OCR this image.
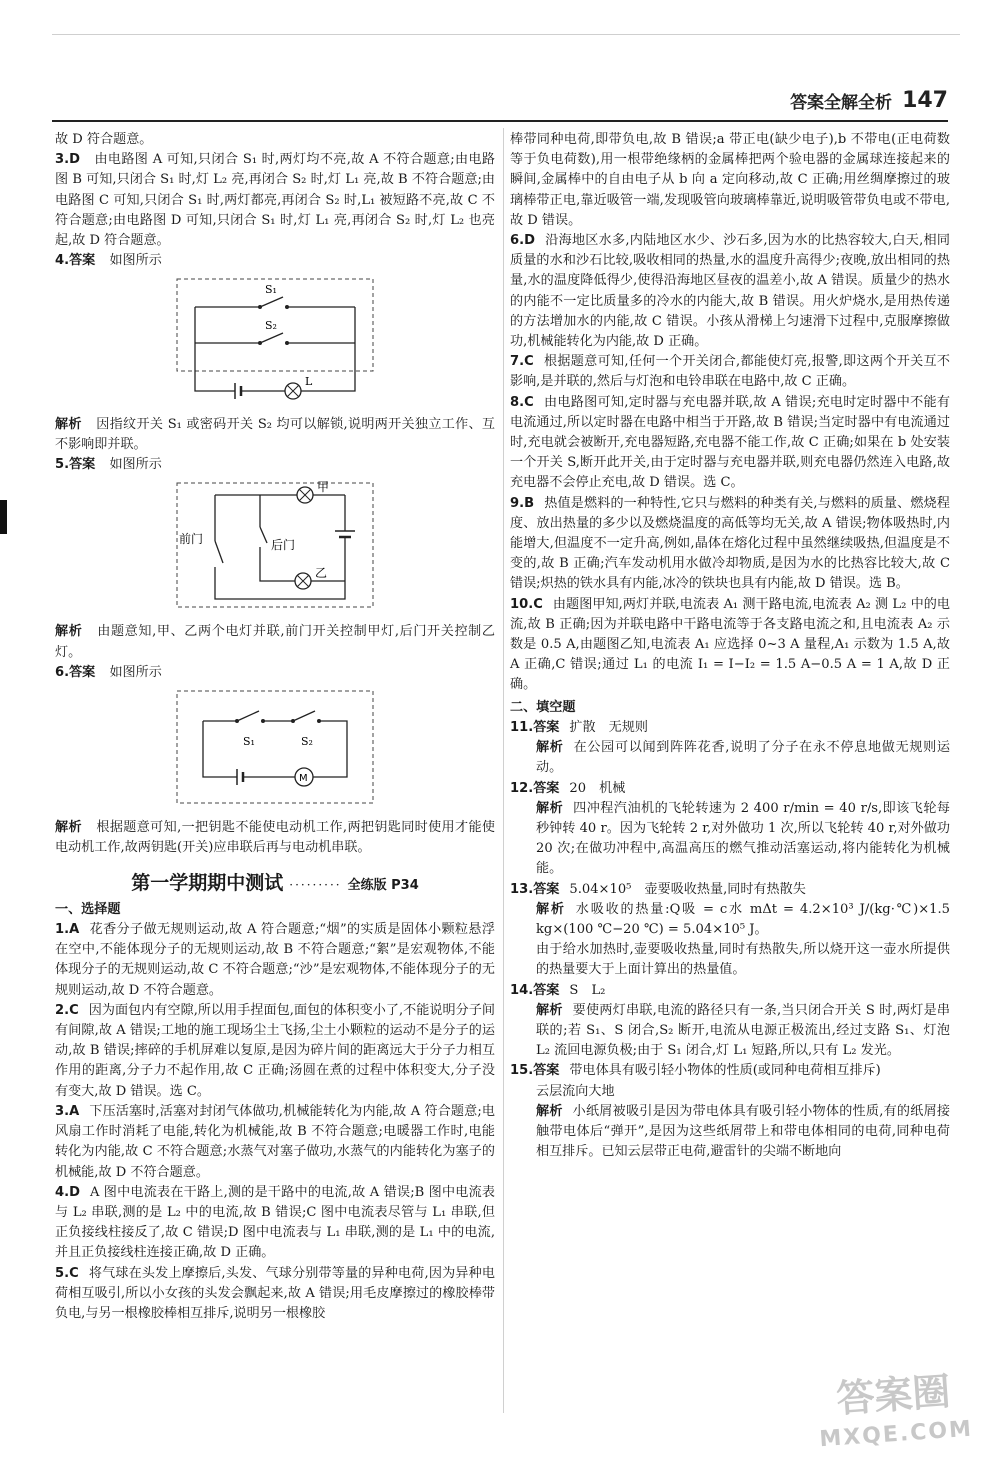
答案全解全析 147

故 D 符合题意。

3.D 由电路图 A 可知,只闭合 S₁ 时,两灯均不亮,故 A 不符合题意;由电路图 B 可知,只闭合 S₁ 时,灯 L₂ 亮,再闭合 S₂ 时,灯 L₁ 亮,故 B 不符合题意;由电路图 C 可知,只闭合 S₁ 时,两灯都亮,再闭合 S₂ 时,L₁ 被短路不亮,故 C 不符合题意;由电路图 D 可知,只闭合 S₁ 时,灯 L₁ 亮,再闭合 S₂ 时,灯 L₂ 也亮起,故 D 符合题意。

4.答案 如图所示

S₁
S₂
L

解析 因指纹开关 S₁ 或密码开关 S₂ 均可以解锁,说明两开关独立工作、互不影响即并联。

5.答案 如图所示

前门	后门
甲
乙

解析 由题意知,甲、乙两个电灯并联,前门开关控制甲灯,后门开关控制乙灯。

6.答案 如图所示

M
S₁	S₂

解析 根据题意可知,一把钥匙不能使电动机工作,两把钥匙同时使用才能使电动机工作,故两钥匙(开关)应串联后再与电动机串联。

第一学期期中测试 ········· 全练版 P34

一、选择题

1.A 花香分子做无规则运动,故 A 符合题意;“烟”的实质是固体小颗粒悬浮在空中,不能体现分子的无规则运动,故 B 不符合题意;“絮”是宏观物体,不能体现分子的无规则运动,故 C 不符合题意;“沙”是宏观物体,不能体现分子的无规则运动,故 D 不符合题意。

2.C 因为面包内有空隙,所以用手捏面包,面包的体积变小了,不能说明分子间有间隙,故 A 错误;工地的施工现场尘土飞扬,尘土小颗粒的运动不是分子的运动,故 B 错误;摔碎的手机屏难以复原,是因为碎片间的距离远大于分子力相互作用的距离,分子力不起作用,故 C 正确;汤圆在煮的过程中体积变大,分子没有变大,故 D 错误。选 C。

3.A 下压活塞时,活塞对封闭气体做功,机械能转化为内能,故 A 符合题意;电风扇工作时消耗了电能,转化为机械能,故 B 不符合题意;电暖器工作时,电能转化为内能,故 C 不符合题意;水蒸气对塞子做功,水蒸气的内能转化为塞子的机械能,故 D 不符合题意。

4.D A 图中电流表在干路上,测的是干路中的电流,故 A 错误;B 图中电流表与 L₂ 串联,测的是 L₂ 中的电流,故 B 错误;C 图中电流表尽管与 L₁ 串联,但正负接线柱接反了,故 C 错误;D 图中电流表与 L₁ 串联,测的是 L₁ 中的电流,并且正负接线柱连接正确,故 D 正确。

5.C 将气球在头发上摩擦后,头发、气球分别带等量的异种电荷,因为异种电荷相互吸引,所以小女孩的头发会飘起来,故 A 错误;用毛皮摩擦过的橡胶棒带负电,与另一根橡胶棒相互排斥,说明另一根橡胶

棒带同种电荷,即带负电,故 B 错误;a 带正电(缺少电子),b 不带电(正电荷数等于负电荷数),用一根带绝缘柄的金属棒把两个验电器的金属球连接起来的瞬间,金属棒中的自由电子从 b 向 a 定向移动,故 C 正确;用丝绸摩擦过的玻璃棒带正电,靠近吸管一端,发现吸管向玻璃棒靠近,说明吸管带负电或不带电,故 D 错误。

6.D 沿海地区水多,内陆地区水少、沙石多,因为水的比热容较大,白天,相同质量的水和沙石比较,吸收相同的热量,水的温度升高得少;夜晚,放出相同的热量,水的温度降低得少,使得沿海地区昼夜的温差小,故 A 错误。质量少的热水的内能不一定比质量多的冷水的内能大,故 B 错误。用火炉烧水,是用热传递的方法增加水的内能,故 C 错误。小孩从滑梯上匀速滑下过程中,克服摩擦做功,机械能转化为内能,故 D 正确。

7.C 根据题意可知,任何一个开关闭合,都能使灯亮,报警,即这两个开关互不影响,是并联的,然后与灯泡和电铃串联在电路中,故 C 正确。

8.C 由电路图可知,定时器与充电器并联,故 A 错误;充电时定时器中不能有电流通过,所以定时器在电路中相当于开路,故 B 错误;当定时器中有电流通过时,充电就会被断开,充电器短路,充电器不能工作,故 C 正确;如果在 b 处安装一个开关 S,断开此开关,由于定时器与充电器并联,则充电器仍然连入电路,故充电器不会停止充电,故 D 错误。选 C。

9.B 热值是燃料的一种特性,它只与燃料的种类有关,与燃料的质量、燃烧程度、放出热量的多少以及燃烧温度的高低等均无关,故 A 错误;物体吸热时,内能增大,但温度不一定升高,例如,晶体在熔化过程中虽然继续吸热,但温度是不变的,故 B 正确;汽车发动机用水做冷却物质,是因为水的比热容比较大,故 C 错误;炽热的铁水具有内能,冰冷的铁块也具有内能,故 D 错误。选 B。

10.C 由题图甲知,两灯并联,电流表 A₁ 测干路电流,电流表 A₂ 测 L₂ 中的电流,故 B 正确;因为并联电路中干路电流等于各支路电流之和,且电流表 A₂ 示数是 0.5 A,由题图乙知,电流表 A₁ 应选择 0~3 A 量程,A₁ 示数为 1.5 A,故 A 正确,C 错误;通过 L₁ 的电流 I₁ = I−I₂ = 1.5 A−0.5 A = 1 A,故 D 正确。

二、填空题

11.答案 扩散　无规则

解析 在公园可以闻到阵阵花香,说明了分子在永不停息地做无规则运动。

12.答案 20　机械

解析 四冲程汽油机的飞轮转速为 2 400 r/min = 40 r/s,即该飞轮每秒钟转 40 r。因为飞轮转 2 r,对外做功 1 次,所以飞轮转 40 r,对外做功 20 次;在做功冲程中,高温高压的燃气推动活塞运动,将内能转化为机械能。

13.答案 5.04×10⁵　壶要吸收热量,同时有热散失

解析 水吸收的热量:Q吸 = c水 mΔt = 4.2×10³ J/(kg·℃)×1.5 kg×(100 ℃−20 ℃) = 5.04×10⁵ J。

由于给水加热时,壶要吸收热量,同时有热散失,所以烧开这一壶水所提供的热量要大于上面计算出的热量值。

14.答案 S　L₂

解析 要使两灯串联,电流的路径只有一条,当只闭合开关 S 时,两灯是串联的;若 S₁、S 闭合,S₂ 断开,电流从电源正极流出,经过支路 S₁、灯泡 L₂ 流回电源负极;由于 S₁ 闭合,灯 L₁ 短路,所以,只有 L₂ 发光。

15.答案 带电体具有吸引轻小物体的性质(或同种电荷相互排斥)

云层流向大地

解析 小纸屑被吸引是因为带电体具有吸引轻小物体的性质,有的纸屑接触带电体后“弹开”,是因为这些纸屑带上和带电体相同的电荷,同种电荷相互排斥。已知云层带正电荷,避雷针的尖端不断地向

答案圈
MXQE.COM
